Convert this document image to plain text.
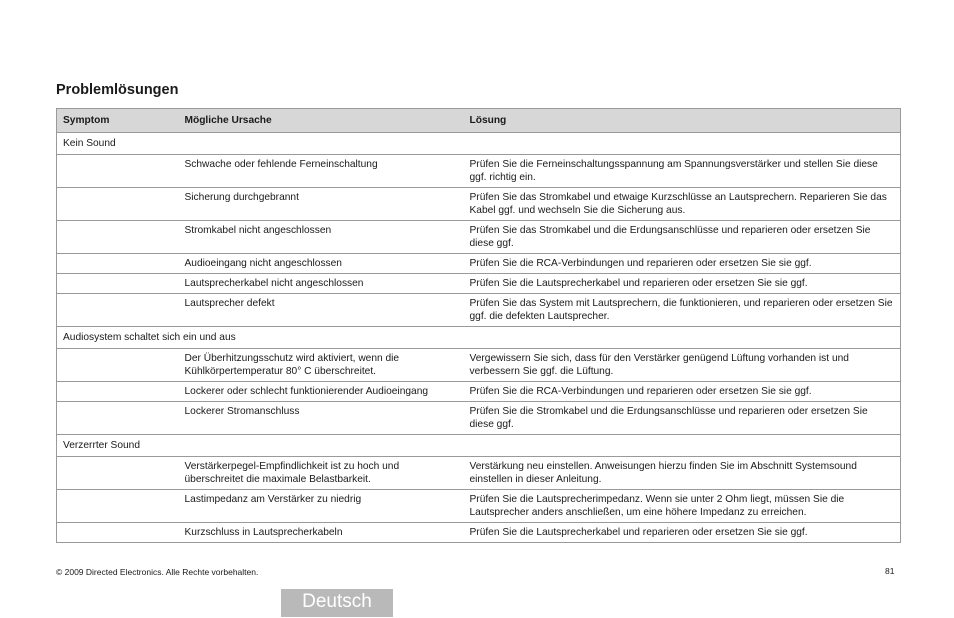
Problemlösungen
Symptom	Mögliche Ursache	Lösung
Kein Sound		
	Schwache oder fehlende Ferneinschaltung	Prüfen Sie die Ferneinschaltungsspannung am Spannungsverstärker und stellen Sie diese ggf. richtig ein.
	Sicherung durchgebrannt	Prüfen Sie das Stromkabel und etwaige Kurzschlüsse an Lautsprechern. Reparieren Sie das Kabel ggf. und wechseln Sie die Sicherung aus.
	Stromkabel nicht angeschlossen	Prüfen Sie das Stromkabel und die Erdungsanschlüsse und reparieren oder ersetzen Sie diese ggf.
	Audioeingang nicht angeschlossen	Prüfen Sie die RCA-Verbindungen und reparieren oder ersetzen Sie sie ggf.
	Lautsprecherkabel nicht angeschlossen	Prüfen Sie die Lautsprecherkabel und reparieren oder ersetzen Sie sie ggf.
	Lautsprecher defekt	Prüfen Sie das System mit Lautsprechern, die funktionieren, und reparieren oder ersetzen Sie ggf. die defekten Lautsprecher.
Audiosystem schaltet sich ein und aus		
	Der Überhitzungsschutz wird aktiviert, wenn die Kühlkörpertemperatur 80° C überschreitet.	Vergewissern Sie sich, dass für den Verstärker genügend Lüftung vorhanden ist und verbessern Sie ggf. die Lüftung.
	Lockerer oder schlecht funktionierender Audioeingang	Prüfen Sie die RCA-Verbindungen und reparieren oder ersetzen Sie sie ggf.
	Lockerer Stromanschluss	Prüfen Sie die Stromkabel und die Erdungsanschlüsse und reparieren oder ersetzen Sie diese ggf.
Verzerrter Sound		
	Verstärkerpegel-Empfindlichkeit ist zu hoch und überschreitet die maximale Belastbarkeit.	Verstärkung neu einstellen. Anweisungen hierzu finden Sie im Abschnitt Systemsound einstellen in dieser Anleitung.
	Lastimpedanz am Verstärker zu niedrig	Prüfen Sie die Lautsprecherimpedanz. Wenn sie unter 2 Ohm liegt, müssen Sie die Lautsprecher anders anschließen, um eine höhere Impedanz zu erreichen.
	Kurzschluss in Lautsprecherkabeln	Prüfen Sie die Lautsprecherkabel und reparieren oder ersetzen Sie sie ggf.
© 2009 Directed Electronics. Alle Rechte vorbehalten.	81
Deutsch
